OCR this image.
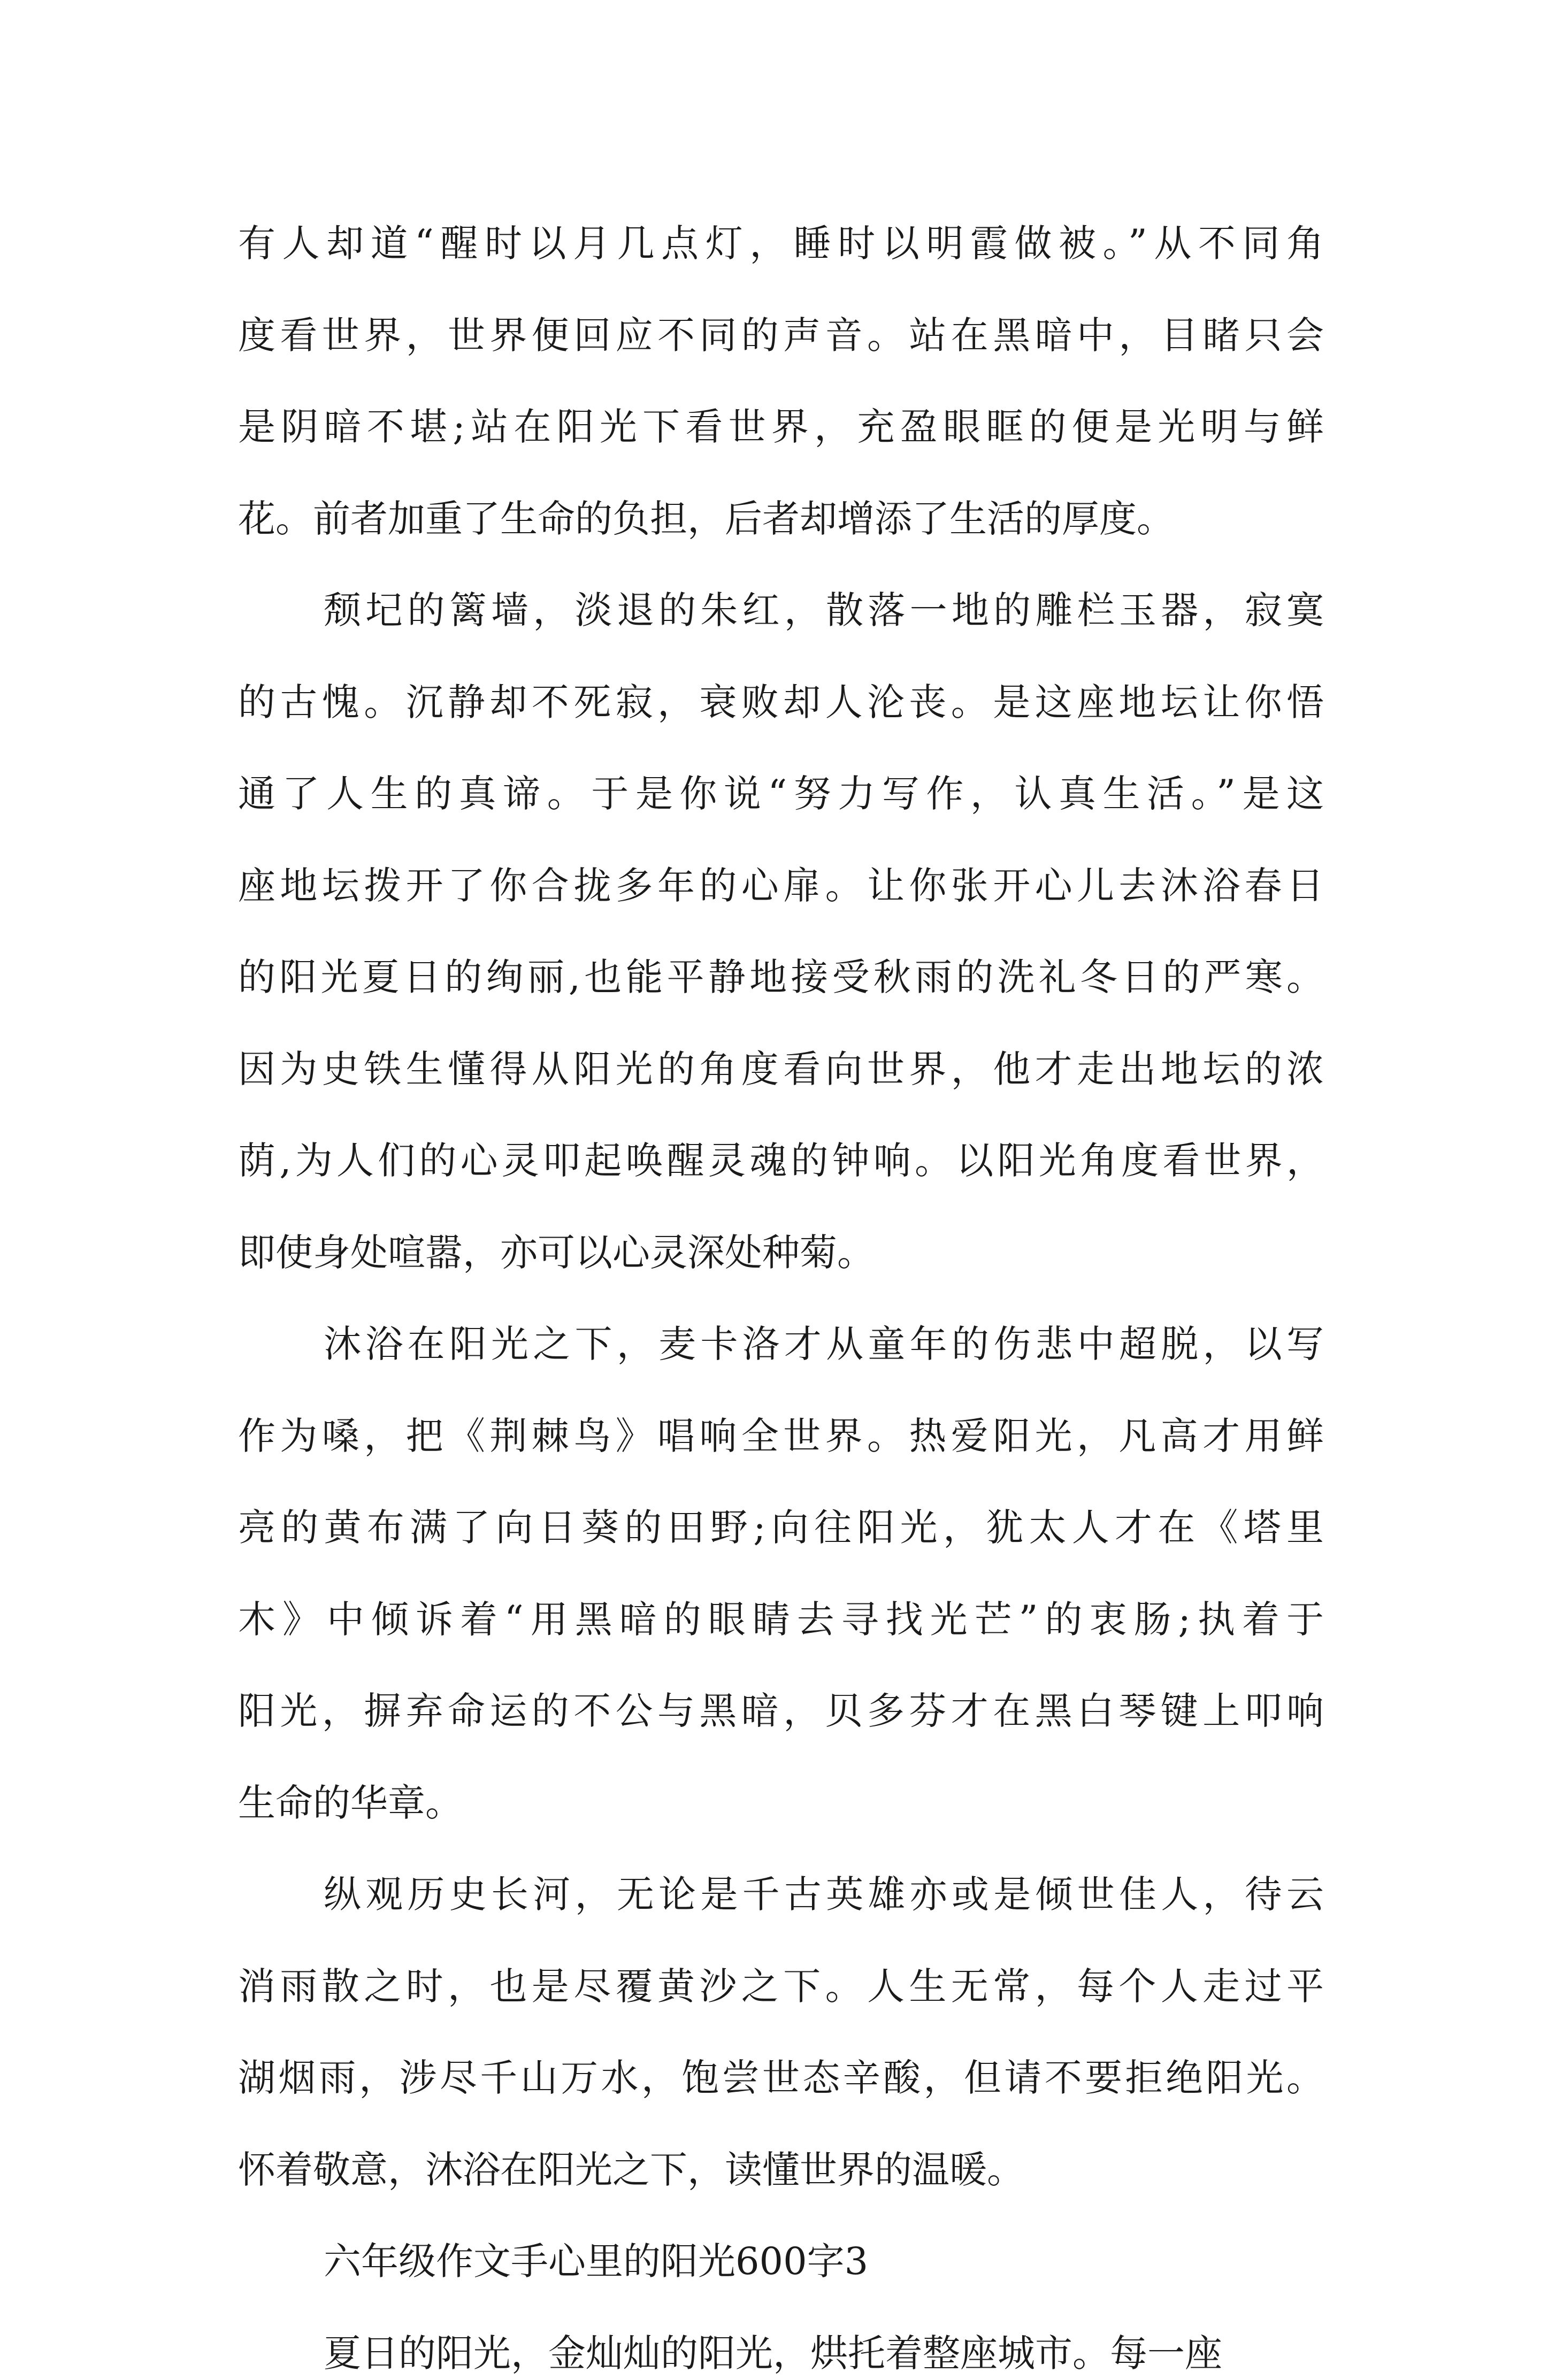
有人却道“醒时以月几点灯，睡时以明霞做被。”从不同角
度看世界，世界便回应不同的声音。站在黑暗中，目睹只会
是阴暗不堪;站在阳光下看世界，充盈眼眶的便是光明与鲜
花。前者加重了生命的负担，后者却增添了生活的厚度。
颓圮的篱墙，淡退的朱红，散落一地的雕栏玉器，寂寞
的古愧。沉静却不死寂，衰败却人沦丧。是这座地坛让你悟
通了人生的真谛。于是你说“努力写作，认真生活。”是这
座地坛拨开了你合拢多年的心扉。让你张开心儿去沐浴春日
的阳光夏日的绚丽,也能平静地接受秋雨的洗礼冬日的严寒。
因为史铁生懂得从阳光的角度看向世界，他才走出地坛的浓
荫,为人们的心灵叩起唤醒灵魂的钟响。以阳光角度看世界，
即使身处喧嚣，亦可以心灵深处种菊。
沐浴在阳光之下，麦卡洛才从童年的伤悲中超脱，以写
作为嗓，把《荆棘鸟》唱响全世界。热爱阳光，凡高才用鲜
亮的黄布满了向日葵的田野;向往阳光，犹太人才在《塔里
木》中倾诉着“用黑暗的眼睛去寻找光芒”的衷肠;执着于
阳光，摒弃命运的不公与黑暗，贝多芬才在黑白琴键上叩响
生命的华章。
纵观历史长河，无论是千古英雄亦或是倾世佳人，待云
消雨散之时，也是尽覆黄沙之下。人生无常，每个人走过平
湖烟雨，涉尽千山万水，饱尝世态辛酸，但请不要拒绝阳光。
怀着敬意，沐浴在阳光之下，读懂世界的温暖。
六年级作文手心里的阳光600字3
夏日的阳光，金灿灿的阳光，烘托着整座城市。每一座
